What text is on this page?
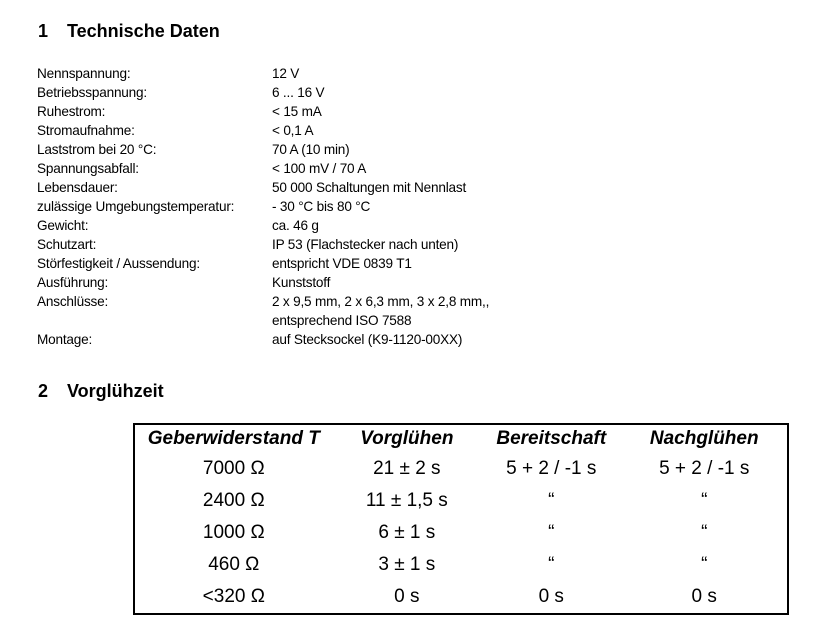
1 Technische Daten
Nennspannung:	12 V
Betriebsspannung:	6 ... 16 V
Ruhestrom:	< 15 mA
Stromaufnahme:	< 0,1 A
Laststrom bei 20 °C:	70 A (10 min)
Spannungsabfall:	< 100 mV / 70 A
Lebensdauer:	50 000 Schaltungen mit Nennlast
zulässige Umgebungstemperatur:	- 30 °C bis 80 °C
Gewicht:	ca. 46 g
Schutzart:	IP 53 (Flachstecker nach unten)
Störfestigkeit / Aussendung:	entspricht VDE 0839 T1
Ausführung:	Kunststoff
Anschlüsse:	2 x 9,5 mm, 2 x 6,3 mm, 3 x 2,8 mm,,
entsprechend ISO 7588
Montage:	auf Stecksockel (K9-1120-00XX)
2 Vorglühzeit
Geberwiderstand T	Vorglühen	Bereitschaft	Nachglühen
7000 Ω	21 ± 2 s	5 + 2 / -1 s	5 + 2 / -1 s
2400 Ω	11 ± 1,5 s	“	“
1000 Ω	6 ± 1 s	“	“
460 Ω	3 ± 1 s	“	“
<320 Ω	0 s	0 s	0 s
